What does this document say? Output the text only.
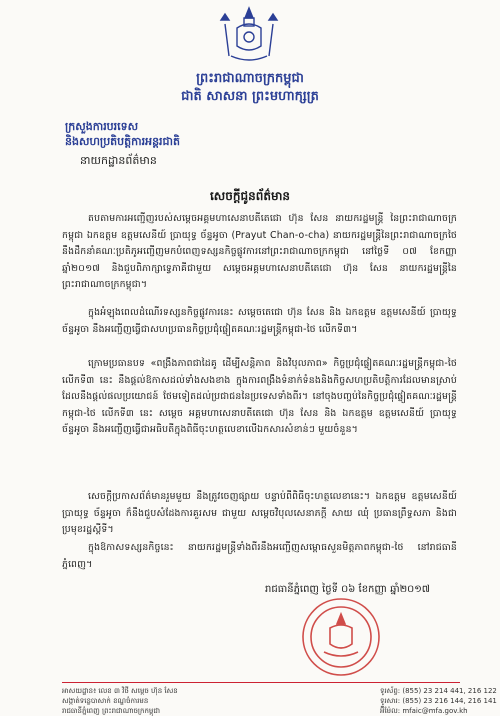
ព្រះរាជាណាចក្រកម្ពុជា
ជាតិ សាសនា ព្រះមហាក្សត្រ
ក្រសួងការបរទេស
និងសហប្រតិបត្តិការអន្តរជាតិ
នាយកដ្ឋានព័ត៌មាន
សេចក្តីជូនព័ត៌មាន
តបតាមការអញ្ជើញរបស់សម្តេចអគ្គមហាសេនាបតីតេជោ ហ៊ុន សែន នាយករដ្ឋមន្ត្រី នៃព្រះរាជាណាចក្រកម្ពុជា ឯកឧត្តម ឧត្តមសេនីយ៍ ប្រាយុទ្ធ ច័ន្ទអូចា (Prayut Chan-o-cha) នាយករដ្ឋមន្ត្រីនៃព្រះរាជាណាចក្រថៃ នឹងដឹកនាំគណៈប្រតិភូអញ្ជើញមកបំពេញទស្សនកិច្ចផ្លូវការនៅព្រះរាជាណាចក្រកម្ពុជា នៅថ្ងៃទី ០៧ ខែកញ្ញា ឆ្នាំ២០១៧ និងជួបពិភាក្សាទ្វេភាគីជាមួយ សម្តេចអគ្គមហាសេនាបតីតេជោ ហ៊ុន សែន នាយករដ្ឋមន្ត្រីនៃព្រះរាជាណាចក្រកម្ពុជា។
ក្នុងអំឡុងពេលដំណើរទស្សនកិច្ចផ្លូវការនេះ សម្តេចតេជោ ហ៊ុន សែន និង ឯកឧត្តម ឧត្តមសេនីយ៍ ប្រាយុទ្ធ ច័ន្ទអូចា នឹងអញ្ជើញធ្វើជាសហប្រធានកិច្ចប្រជុំផ្លៀតគណៈរដ្ឋមន្ត្រីកម្ពុជា-ថៃ លើកទី៣។
ក្រោមប្រធានបទ «ពង្រឹងភាពជាដៃគូ ដើម្បីសន្តិភាព និងវិបុលភាព» កិច្ចប្រជុំផ្លៀតគណៈរដ្ឋមន្ត្រីកម្ពុជា-ថៃ លើកទី៣ នេះ នឹងផ្តល់ឱកាសដល់ទាំងសងខាង ក្នុងការពង្រឹងទំនាក់ទំនងនិងកិច្ចសហប្រតិបត្តិការដែលមានស្រាប់ ដែលនឹងផ្តល់ផលប្រយោជន៍ ថែមទៀតដល់ប្រជាជននៃប្រទេសទាំងពីរ។ នៅចុងបញ្ចប់នៃកិច្ចប្រជុំផ្លៀតគណៈរដ្ឋមន្ត្រីកម្ពុជា-ថៃ លើកទី៣ នេះ សម្តេច អគ្គមហាសេនាបតីតេជោ ហ៊ុន សែន និង ឯកឧត្តម ឧត្តមសេនីយ៍ ប្រាយុទ្ធ ច័ន្ទអូចា នឹងអញ្ជើញធ្វើជាអធិបតីក្នុងពិធីចុះហត្ថលេខាលើឯកសារសំខាន់ៗ មួយចំនួន។
សេចក្តីប្រកាសព័ត៌មានរួមមួយ នឹងត្រូវចេញផ្សាយ បន្ទាប់ពីពិធីចុះហត្ថលេខានេះ។ ឯកឧត្តម ឧត្តមសេនីយ៍ ប្រាយុទ្ធ ច័ន្ទអូចា ក៏នឹងជួបសំដែងការគួរសម ជាមួយ សម្តេចវិបុលសេនាភក្តី សាយ ឈុំ ប្រធានព្រឹទ្ធសភា និងជាប្រមុខរដ្ឋស្តីទី។
ក្នុងឱកាសទស្សនកិច្ចនេះ នាយករដ្ឋមន្ត្រីទាំងពីរនឹងអញ្ជើញសម្ពោធសួនមិត្តភាពកម្ពុជា-ថៃ នៅរាជធានីភ្នំពេញ។
រាជធានីភ្នំពេញ ថ្ងៃទី ០៦ ខែកញ្ញា ឆ្នាំ២០១៧
អាសយដ្ឋាន៖ លេខ ៣ វិថី សម្តេច ហ៊ុន សែន
សង្កាត់ទន្លេបាសាក់ ខណ្ឌចំការមន
រាជធានីភ្នំពេញ ព្រះរាជាណាចក្រកម្ពុជា
ទូរស័ព្ទ: (855) 23 214 441, 216 122
ទូរសារ: (855) 23 216 144, 216 141
អ៊ីម៉ែល: mfaic@mfa.gov.kh
